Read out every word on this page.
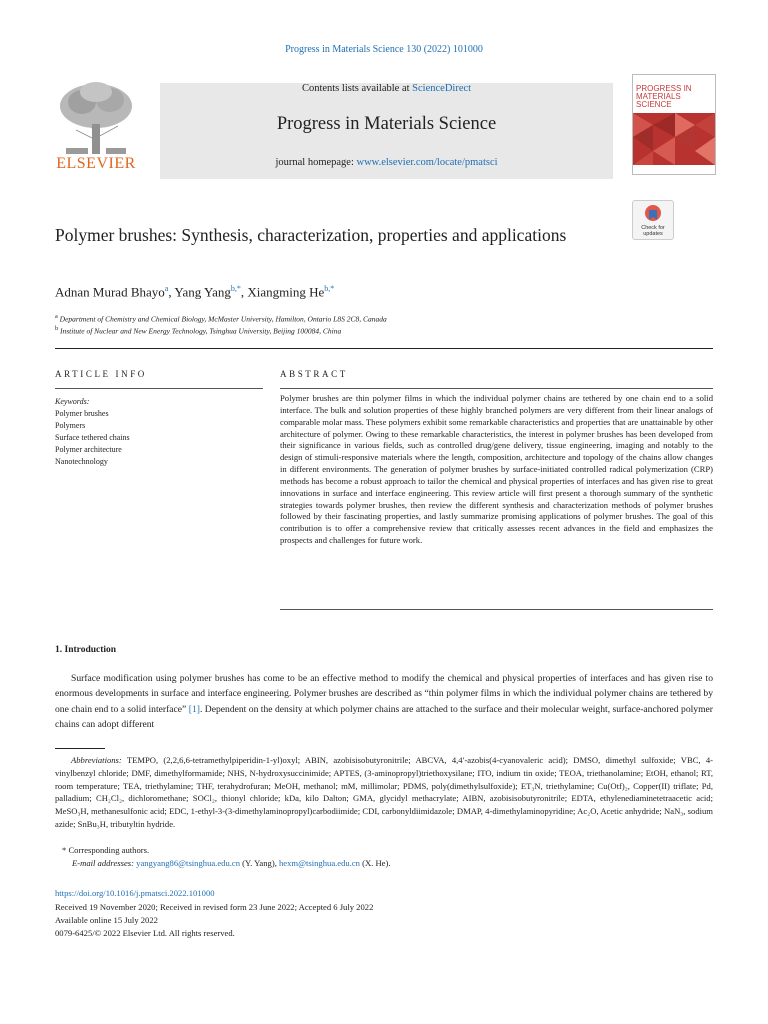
Progress in Materials Science 130 (2022) 101000
ELSEVIER
Contents lists available at ScienceDirect
Progress in Materials Science
journal homepage: www.elsevier.com/locate/pmatsci
PROGRESS IN MATERIALS SCIENCE
Check for updates
Polymer brushes: Synthesis, characterization, properties and applications
Adnan Murad Bhayo$^a$, Yang Yang$^{b,*}$, Xiangming $He^{b,*}$
$^a$ Department of Chemistry and Chemical Biology, McMaster University, Hamilton, Ontario L8S 2C8, Canada
$^b$ Institute of Nuclear and New Energy Technology, Tsinghua University, Beijing 100084, China
ARTICLE INFO	ABSTRACT
Keywords:
Polymer brushes
Polymers
Surface tethered chains
Polymer architecture
Nanotechnology
Polymer brushes are thin polymer films in which the individual polymer chains are tethered by one chain end to a solid interface. The bulk and solution properties of these highly branched polymers are very different from their linear analogs of comparable molar mass. These polymers exhibit some remarkable characteristics and properties that are unattainable by other architecture of polymer. Owing to these remarkable characteristics, the interest in polymer brushes has been developed from their significance in various fields, such as controlled drug/gene delivery, tissue engineering, imaging and notably to the design of stimuli-responsive materials where the length, composition, architecture and topology of the chains allow changes in different environments. The generation of polymer brushes by surface-initiated controlled radical polymerization (CRP) methods has become a robust approach to tailor the chemical and physical properties of interfaces and has given rise to great innovations in surface and interface engineering. This review article will first present a thorough summary of the synthetic strategies towards polymer brushes, then review the different synthesis and characterization methods of polymer brushes followed by their fascinating properties, and lastly summarize promising applications of polymer brushes. The goal of this contribution is to offer a comprehensive review that critically assesses recent advances in the field and emphasizes the prospects and challenges for future work.
1. Introduction
Surface modification using polymer brushes has come to be an effective method to modify the chemical and physical properties of interfaces and has given rise to enormous developments in surface and interface engineering. Polymer brushes are described as “thin polymer films in which the individual polymer chains are tethered by one chain end to a solid interface” [1]. Dependent on the density at which polymer chains are attached to the surface and their molecular weight, surface-anchored polymer chains can adopt different
Abbreviations: TEMPO, (2,2,6,6-tetramethylpiperidin-1-yl)oxyl; ABIN, azobisisobutyronitrile; ABCVA, 4,4′-azobis(4-cyanovaleric acid); DMSO, dimethyl sulfoxide; VBC, 4-vinylbenzyl chloride; DMF, dimethylformamide; NHS, N-hydroxysuccinimide; APTES, (3-aminopropyl)triethoxysilane; ITO, indium tin oxide; TEOA, triethanolamine; EtOH, ethanol; RT, room temperature; TEA, triethylamine; THF, terahydrofuran; MeOH, methanol; mM, millimolar; PDMS, poly(dimethylsulfoxide); ET₃N, triethylamine; Cu(Otf)₂, Copper(II) triflate; Pd, palladium; CH₂Cl₂, dichloromethane; SOCl₂, thionyl chloride; kDa, kilo Dalton; GMA, glycidyl methacrylate; AIBN, azobisisobutyronitrile; EDTA, ethylenediaminetetraacetic acid; MeSO₃H, methanesulfonic acid; EDC, 1-ethyl-3-(3-dimethylaminopropyl)carbodiimide; CDI, carbonyldiimidazole; DMAP, 4-dimethylaminopyridine; Ac₂O, Acetic anhydride; NaN₃, sodium azide; SnBu₃H, tributyltin hydride.
* Corresponding authors.
E-mail addresses: yangyang86@tsinghua.edu.cn (Y. Yang), hexm@tsinghua.edu.cn (X. He).
https://doi.org/10.1016/j.pmatsci.2022.101000
Received 19 November 2020; Received in revised form 23 June 2022; Accepted 6 July 2022
Available online 15 July 2022
0079-6425/© 2022 Elsevier Ltd. All rights reserved.
